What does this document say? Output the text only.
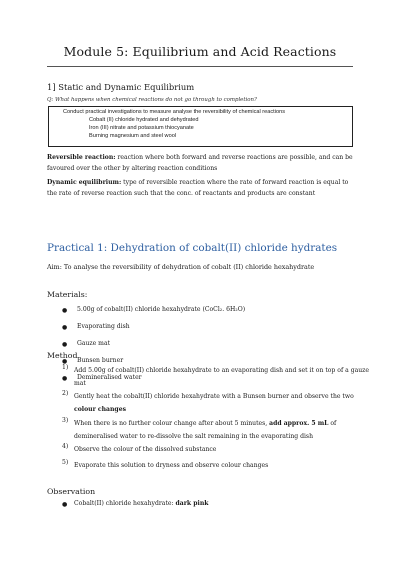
Module 5: Equilibrium and Acid Reactions
1] Static and Dynamic Equilibrium
Q: What happens when chemical reactions do not go through to completion?
Conduct practical investigations to measure analyse the reversibility of chemical reactions
Cobalt (II) chloride hydrated and dehydrated
Iron (III) nitrate and potassium thiocyanate
Burning magnesium and steel wool
Reversible reaction: reaction where both forward and reverse reactions are possible, and can be favoured over the other by altering reaction conditions
Dynamic equilibrium: type of reversible reaction where the rate of forward reaction is equal to the rate of reverse reaction such that the conc. of reactants and products are constant
Practical 1: Dehydration of cobalt(II) chloride hydrates
Aim: To analyse the reversibility of dehydration of cobalt (II) chloride hexahydrate
Materials:
● 5.00g of cobalt(II) chloride hexahydrate (CoCl₂. 6H₂O)
● Evaporating dish
● Gauze mat
● Bunsen burner
● Demineralised water
Method
1) Add 5.00g of cobalt(II) chloride hexahydrate to an evaporating dish and set it on top of a gauze mat
2) Gently heat the cobalt(II) chloride hexahydrate with a Bunsen burner and observe the two colour changes
3) When there is no further colour change after about 5 minutes, add approx. 5 mL of demineralised water to re-dissolve the salt remaining in the evaporating dish
4) Observe the colour of the dissolved substance
5) Evaporate this solution to dryness and observe colour changes
Observation
● Cobalt(II) chloride hexahydrate: dark pink
